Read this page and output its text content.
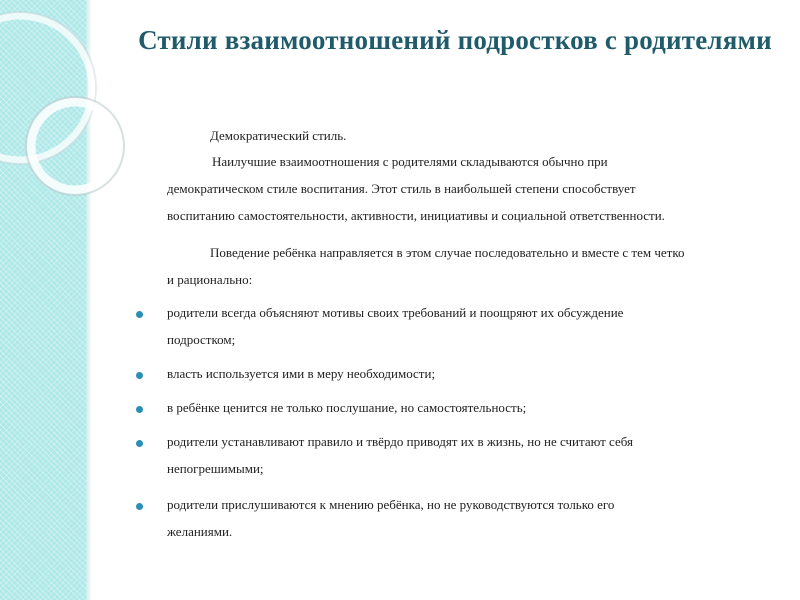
Стили взаимоотношений подростков с родителями

Демократический стиль.

Наилучшие взаимоотношения с родителями складываются обычно при

демократическом стиле воспитания. Этот стиль в наибольшей степени способствует

воспитанию самостоятельности, активности, инициативы и социальной ответственности.

Поведение ребёнка направляется в этом случае последовательно и вместе с тем четко

и рационально:

родители всегда объясняют мотивы своих требований и поощряют их обсуждение

подростком;

власть используется ими в меру необходимости;

в ребёнке ценится не только послушание, но самостоятельность;

родители устанавливают правило и твёрдо приводят их в жизнь, но не считают себя

непогрешимыми;

родители прислушиваются к мнению ребёнка, но не руководствуются только его

желаниями.
